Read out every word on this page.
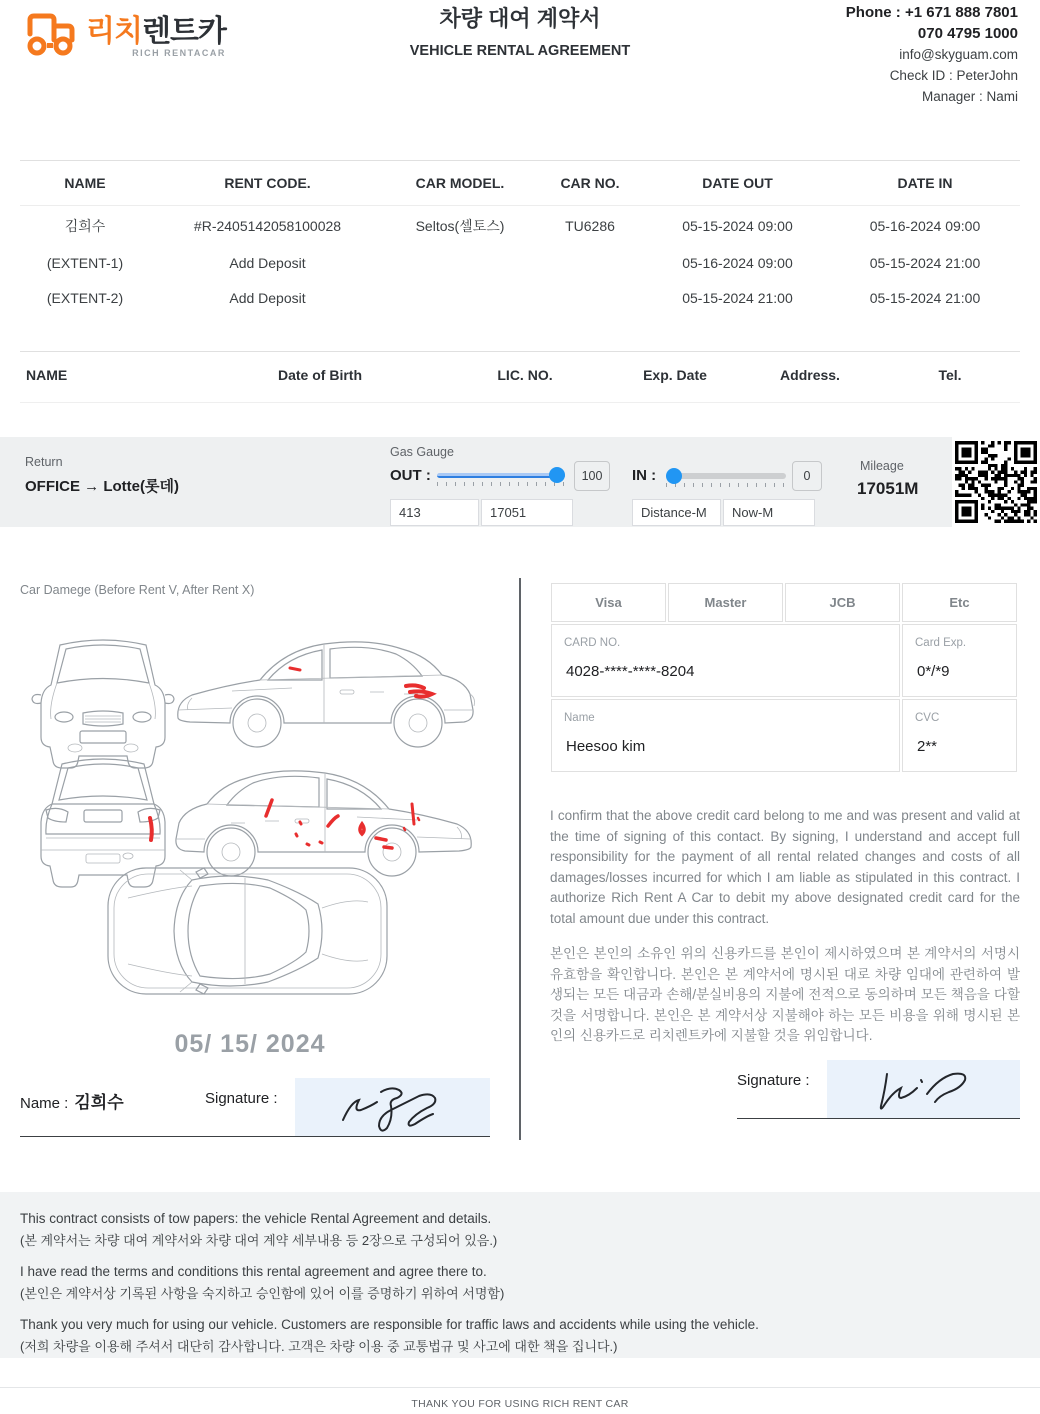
리치 렌트카
RICH RENTACAR
차량 대여 계약서
VEHICLE RENTAL AGREEMENT
Phone : +1 671 888 7801
070 4795 1000
info@skyguam.com
Check ID : PeterJohn
Manager : Nami
NAME	RENT CODE.	CAR MODEL.	CAR NO.	DATE OUT	DATE IN

김희수	#R-2405142058100028	Seltos(셀토스)	TU6286	05-15-2024 09:00	05-16-2024 09:00
(EXTENT-1)	Add Deposit			05-16-2024 09:00	05-15-2024 21:00
(EXTENT-2)	Add Deposit			05-15-2024 21:00	05-15-2024 21:00
NAME	Date of Birth	LIC. NO.	Exp. Date	Address.	Tel.
Return
OFFICE → Lotte(롯데)
Gas Gauge
OUT :	100	IN :	0
413
17051
Distance-M
Now-M
Mileage
17051M
Car Damege (Before Rent V, After Rent X)
05/ 15/ 2024
Name : 김희수	Signature :
Visa	Master	JCB	Etc

CARD NO.
4028-****-****-8204

Card Exp.
0*/*9

Name
Heesoo kim

CVC
2**
I confirm that the above credit card belong to me and was present and valid at the time of signing of this contact. By signing, I understand and accept full responsibility for the payment of all rental related changes and costs of all damages/losses incurred for which I am liable as stipulated in this contract. I authorize Rich Rent A Car to debit my above designated credit card for the total amount due under this contract.
본인은 본인의 소유인 위의 신용카드를 본인이 제시하였으며 본 계약서의 서명시 유효함을 확인합니다. 본인은 본 계약서에 명시된 대로 차량 임대에 관련하여 발생되는 모든 대금과 손해/분실비용의 지불에 전적으로 동의하며 모든 책음을 다할 것을 서명합니다. 본인은 본 계약서상 지불해야 하는 모든 비용을 위해 명시된 본인의 신용카드로 리치렌트카에 지불할 것을 위임합니다.
Signature :
This contract consists of tow papers: the vehicle Rental Agreement and details.
(본 계약서는 차량 대여 계약서와 차량 대여 계약 세부내용 등 2장으로 구성되어 있음.)
I have read the terms and conditions this rental agreement and agree there to.
(본인은 계약서상 기록된 사항을 숙지하고 승인함에 있어 이를 증명하기 위하여 서명함)
Thank you very much for using our vehicle. Customers are responsible for traffic laws and accidents while using the vehicle.
(저희 차량을 이용해 주셔서 대단히 감사합니다. 고객은 차량 이용 중 교통법규 및 사고에 대한 책을 집니다.)
THANK YOU FOR USING RICH RENT CAR
